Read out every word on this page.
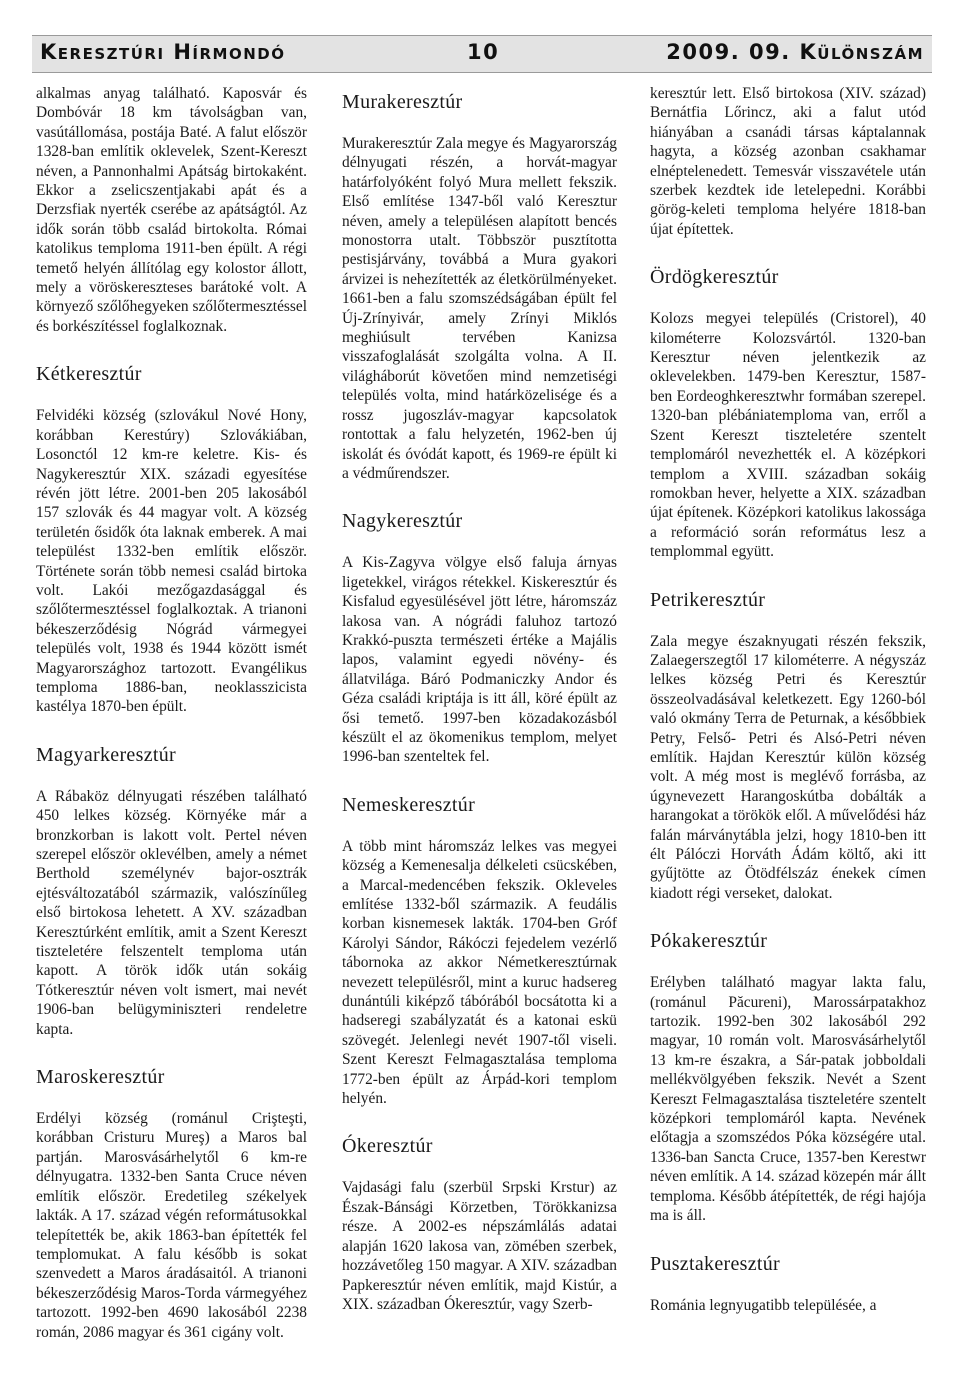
Keresztúri Hírmondó	10	2009. 09. Különszám

alkalmas anyag található. Kaposvár és Dombóvár 18 km távolságban van, vasútállomása, postája Baté. A falut először 1328-ban említik oklevelek, Szent-Kereszt néven, a Pannonhalmi Apátság birtokaként. Ekkor a zselicszentjakabi apát és a Derzsfiak nyerték cserébe az apátságtól. Az idők során több család birtokolta. Római katolikus temploma 1911-ben épült. A régi temető helyén állítólag egy kolostor állott, mely a vöröskereszteses barátoké volt. A környező szőlőhegyeken szőlőtermesztéssel és borkészítéssel foglalkoznak.

Kétkeresztúr

Felvidéki község (szlovákul Nové Hony, korábban Kerestúry) Szlovákiában, Losonctól 12 km-re keletre. Kis- és Nagykeresztúr XIX. századi egyesítése révén jött létre. 2001-ben 205 lakosából 157 szlovák és 44 magyar volt. A község területén ősidők óta laknak emberek. A mai települést 1332-ben említik először. Története során több nemesi család birtoka volt. Lakói mezőgazdasággal és szőlőtermesztéssel foglalkoztak. A trianoni békeszerződésig Nógrád vármegyei település volt, 1938 és 1944 között ismét Magyarországhoz tartozott. Evangélikus temploma 1886-ban, neoklasszicista kastélya 1870-ben épült.

Magyarkeresztúr

A Rábaköz délnyugati részében található 450 lelkes község. Környéke már a bronzkorban is lakott volt. Pertel néven szerepel először oklevélben, amely a német Berthold személynév bajor-osztrák ejtésváltozatából származik, valószínűleg első birtokosa lehetett. A XV. században Keresztúrként említik, amit a Szent Kereszt tiszteletére felszentelt temploma után kapott. A török idők után sokáig Tótkeresztúr néven volt ismert, mai nevét 1906-ban belügyminiszteri rendeletre kapta.

Maroskeresztúr

Erdélyi község (románul Crişteşti, korábban Cristuru Mureş) a Maros bal partján. Marosvásárhelytől 6 km-re délnyugatra. 1332-ben Santa Cruce néven említik először. Eredetileg székelyek lakták. A 17. század végén reformátusokkal telepítették be, akik 1863-ban építették fel templomukat. A falu később is sokat szenvedett a Maros áradásaitól. A trianoni békeszerződésig Maros-Torda vármegyéhez tartozott. 1992-ben 4690 lakosából 2238 román, 2086 magyar és 361 cigány volt.

Murakeresztúr

Murakeresztúr Zala megye és Magyarország délnyugati részén, a horvát-magyar határfolyóként folyó Mura mellett fekszik. Első említése 1347-ből való Keresztur néven, amely a településen alapított bencés monostorra utalt. Többször pusztította pestisjárvány, továbbá a Mura gyakori árvizei is nehezítették az életkörülményeket. 1661-ben a falu szomszédságában épült fel Új-Zrínyivár, amely Zrínyi Miklós meghiúsult tervében Kanizsa visszafoglalását szolgálta volna. A II. világháborút követően mind nemzetiségi település volta, mind határközelisége és a rossz jugoszláv-magyar kapcsolatok rontottak a falu helyzetén, 1962-ben új iskolát és óvódát kapott, és 1969-re épült ki a védműrendszer.

Nagykeresztúr

A Kis-Zagyva völgye első faluja árnyas ligetekkel, virágos rétekkel. Kiskeresztúr és Kisfalud egyesülésével jött létre, háromszáz lakosa van. A nógrádi faluhoz tartozó Krakkó-puszta természeti értéke a Majális lapos, valamint egyedi növény- és állatvilága. Báró Podmaniczky Andor és Géza családi kriptája is itt áll, köré épült az ősi temető. 1997-ben közadakozásból készült el az ökomenikus templom, melyet 1996-ban szenteltek fel.

Nemeskeresztúr

A több mint háromszáz lelkes vas megyei község a Kemenesalja délkeleti csücskében, a Marcal-medencében fekszik. Okleveles említése 1332-ből származik. A feudális korban kisnemesek lakták. 1704-ben Gróf Károlyi Sándor, Rákóczi fejedelem vezérlő tábornoka az akkor Németkeresztúrnak nevezett településről, mint a kuruc hadsereg dunántúli kiképző tábórából bocsátotta ki a hadseregi szabályzatát és a katonai eskü szövegét. Jelenlegi nevét 1907-től viseli. Szent Kereszt Felmagasztalása temploma 1772-ben épült az Árpád-kori templom helyén.

Ókeresztúr

Vajdasági falu (szerbül Srpski Krstur) az Észak-Bánsági Körzetben, Törökkanizsa része. A 2002-es népszámlálás adatai alapján 1620 lakosa van, zömében szerbek, hozzávetőleg 150 magyar. A XIV. században Papkeresztúr néven említik, majd Kistúr, a XIX. században Ókeresztúr, vagy Szerb-

keresztúr lett. Első birtokosa (XIV. század) Bernátfia Lőrincz, aki a falut utód hiányában a csanádi társas káptalannak hagyta, a község azonban csakhamar elnéptelenedett. Temesvár visszavétele után szerbek kezdtek ide letelepedni. Korábbi görög-keleti temploma helyére 1818-ban újat építettek.

Ördögkeresztúr

Kolozs megyei település (Cristorel), 40 kilométerre Kolozsvártól. 1320-ban Keresztur néven jelentkezik az oklevelekben. 1479-ben Keresztur, 1587-ben Eordeoghkeresztwhr formában szerepel. 1320-ban plébániatemploma van, erről a Szent Kereszt tiszteletére szentelt templomáról nevezhették el. A középkori templom a XVIII. században sokáig romokban hever, helyette a XIX. században újat építenek. Középkori katolikus lakossága a reformáció során református lesz a templommal együtt.

Petrikeresztúr

Zala megye északnyugati részén fekszik, Zalaegerszegtől 17 kilométerre. A négyszáz lelkes község Petri és Keresztúr összeolvadásával keletkezett. Egy 1260-ból való okmány Terra de Peturnak, a későbbiek Petry, Felső- Petri és Alsó-Petri néven említik. Hajdan Keresztúr külön község volt. A még most is meglévő forrásba, az úgynevezett Harangoskútba dobálták a harangokat a törökök elől. A művelődési ház falán márványtábla jelzi, hogy 1810-ben itt élt Pálóczi Horváth Ádám költő, aki itt gyűjtötte az Ötödfélszáz énekek címen kiadott régi verseket, dalokat.

Pókakeresztúr

Erélyben található magyar lakta falu, (románul Păcureni), Marossárpatakhoz tartozik. 1992-ben 302 lakosából 292 magyar, 10 román volt. Marosvásárhelytől 13 km-re északra, a Sár-patak jobboldali mellékvölgyében fekszik. Nevét a Szent Kereszt Felmagasztalása tiszteletére szentelt középkori templomáról kapta. Nevének előtagja a szomszédos Póka községére utal. 1336-ban Sancta Cruce, 1357-ben Kerestwr néven említik. A 14. század közepén már állt temploma. Később átépítették, de régi hajója ma is áll.

Pusztakeresztúr

Románia legnyugatibb településée, a
